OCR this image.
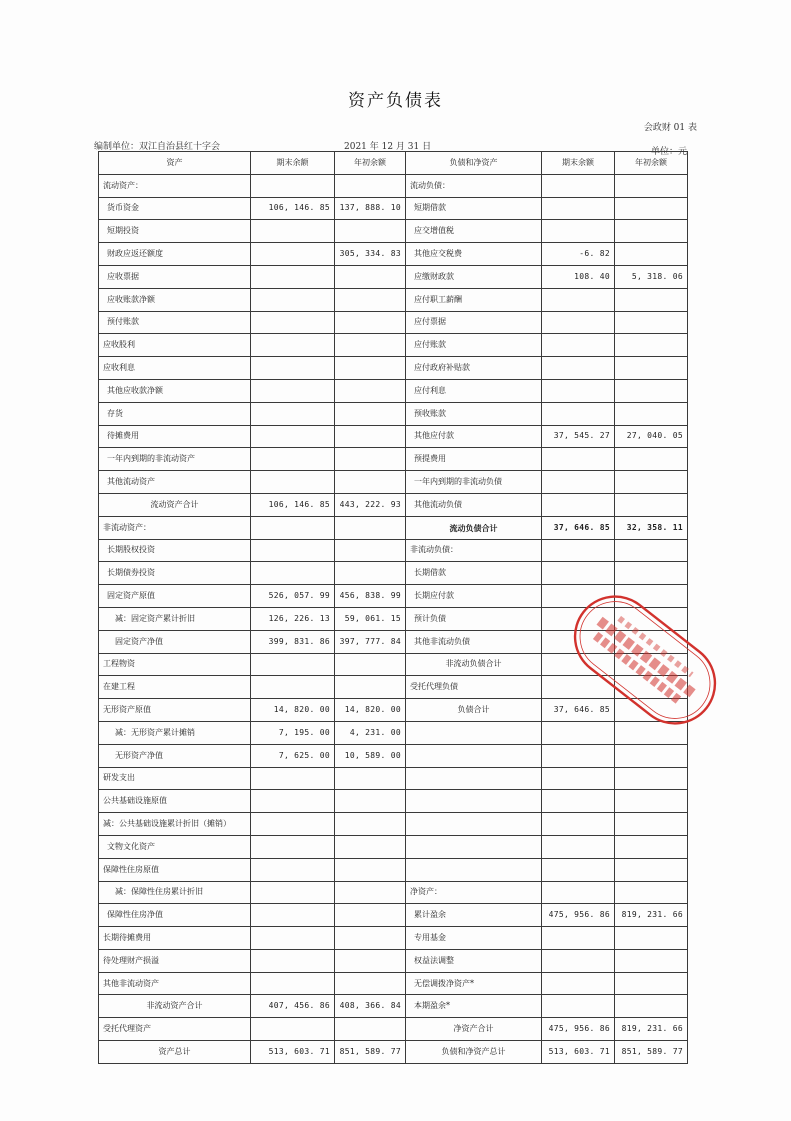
资产负债表
会政财 01 表
编制单位：双江自治县红十字会	2021 年 12 月 31 日	单位：元
资产	期末余额	年初余额	负债和净资产	期末余额	年初余额
流动资产：			流动负债：		
货币资金	106, 146. 85	137, 888. 10	短期借款		
短期投资			应交增值税		
财政应返还额度		305, 334. 83	其他应交税费	-6. 82	
应收票据			应缴财政款	108. 40	5, 318. 06
应收账款净额			应付职工薪酬		
预付账款			应付票据		
应收股利			应付账款		
应收利息			应付政府补贴款		
其他应收款净额			应付利息		
存货			预收账款		
待摊费用			其他应付款	37, 545. 27	27, 040. 05
一年内到期的非流动资产			预提费用		
其他流动资产			一年内到期的非流动负债		
流动资产合计	106, 146. 85	443, 222. 93	其他流动负债		
非流动资产：			流动负债合计	37, 646. 85	32, 358. 11
长期股权投资			非流动负债：		
长期债券投资			长期借款		
固定资产原值	526, 057. 99	456, 838. 99	长期应付款		
减：固定资产累计折旧	126, 226. 13	59, 061. 15	预计负债		
固定资产净值	399, 831. 86	397, 777. 84	其他非流动负债		
工程物资			非流动负债合计		
在建工程			受托代理负债		
无形资产原值	14, 820. 00	14, 820. 00	负债合计	37, 646. 85	
减：无形资产累计摊销	7, 195. 00	4, 231. 00			
无形资产净值	7, 625. 00	10, 589. 00			
研发支出					
公共基础设施原值					
减：公共基础设施累计折旧（摊销）					
文物文化资产					
保障性住房原值					
减：保障性住房累计折旧			净资产：		
保障性住房净值			累计盈余	475, 956. 86	819, 231. 66
长期待摊费用			专用基金		
待处理财产损溢			权益法调整		
其他非流动资产			无偿调拨净资产*		
非流动资产合计	407, 456. 86	408, 366. 84	本期盈余*		
受托代理资产			净资产合计	475, 956. 86	819, 231. 66
资产总计	513, 603. 71	851, 589. 77	负债和净资产总计	513, 603. 71	851, 589. 77
